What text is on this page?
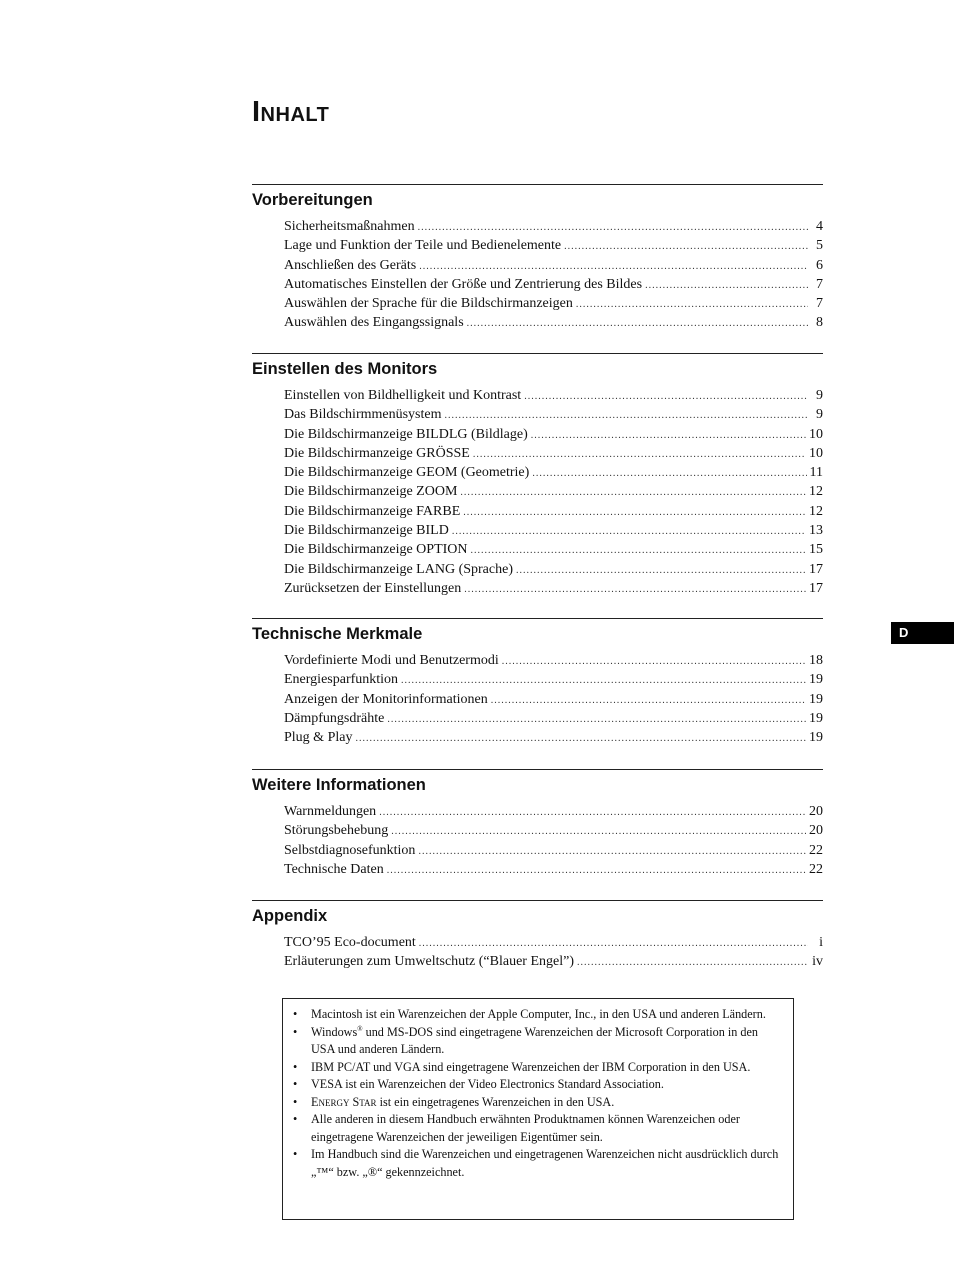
Inhalt
Vorbereitungen
Sicherheitsmaßnahmen .....	4
Lage und Funktion der Teile und Bedienelemente .....	5
Anschließen des Geräts .....	6
Automatisches Einstellen der Größe und Zentrierung des Bildes .....	7
Auswählen der Sprache für die Bildschirmanzeigen .....	7
Auswählen des Eingangssignals .....	8
Einstellen des Monitors
Einstellen von Bildhelligkeit und Kontrast .....	9
Das Bildschirmmenüsystem .....	9
Die Bildschirmanzeige BILDLG (Bildlage) .....	10
Die Bildschirmanzeige GRÖSSE .....	10
Die Bildschirmanzeige GEOM (Geometrie) .....	11
Die Bildschirmanzeige ZOOM .....	12
Die Bildschirmanzeige FARBE .....	12
Die Bildschirmanzeige BILD .....	13
Die Bildschirmanzeige OPTION .....	15
Die Bildschirmanzeige LANG (Sprache) .....	17
Zurücksetzen der Einstellungen .....	17
Technische Merkmale
Vordefinierte Modi und Benutzermodi .....	18
Energiesparfunktion .....	19
Anzeigen der Monitorinformationen .....	19
Dämpfungsdrähte .....	19
Plug & Play .....	19
Weitere Informationen
Warnmeldungen .....	20
Störungsbehebung .....	20
Selbstdiagnosefunktion .....	22
Technische Daten .....	22
Appendix
TCO’95 Eco-document .....	i
Erläuterungen zum Umweltschutz (“Blauer Engel”) .....	iv
D
• Macintosh ist ein Warenzeichen der Apple Computer, Inc., in den USA und anderen Ländern.
• Windows® und MS-DOS sind eingetragene Warenzeichen der Microsoft Corporation in den USA und anderen Ländern.
• IBM PC/AT und VGA sind eingetragene Warenzeichen der IBM Corporation in den USA.
• VESA ist ein Warenzeichen der Video Electronics Standard Association.
• Energy Star ist ein eingetragenes Warenzeichen in den USA.
• Alle anderen in diesem Handbuch erwähnten Produktnamen können Warenzeichen oder eingetragene Warenzeichen der jeweiligen Eigentümer sein.
• Im Handbuch sind die Warenzeichen und eingetragenen Warenzeichen nicht ausdrücklich durch „™“ bzw. „®“ gekennzeichnet.
